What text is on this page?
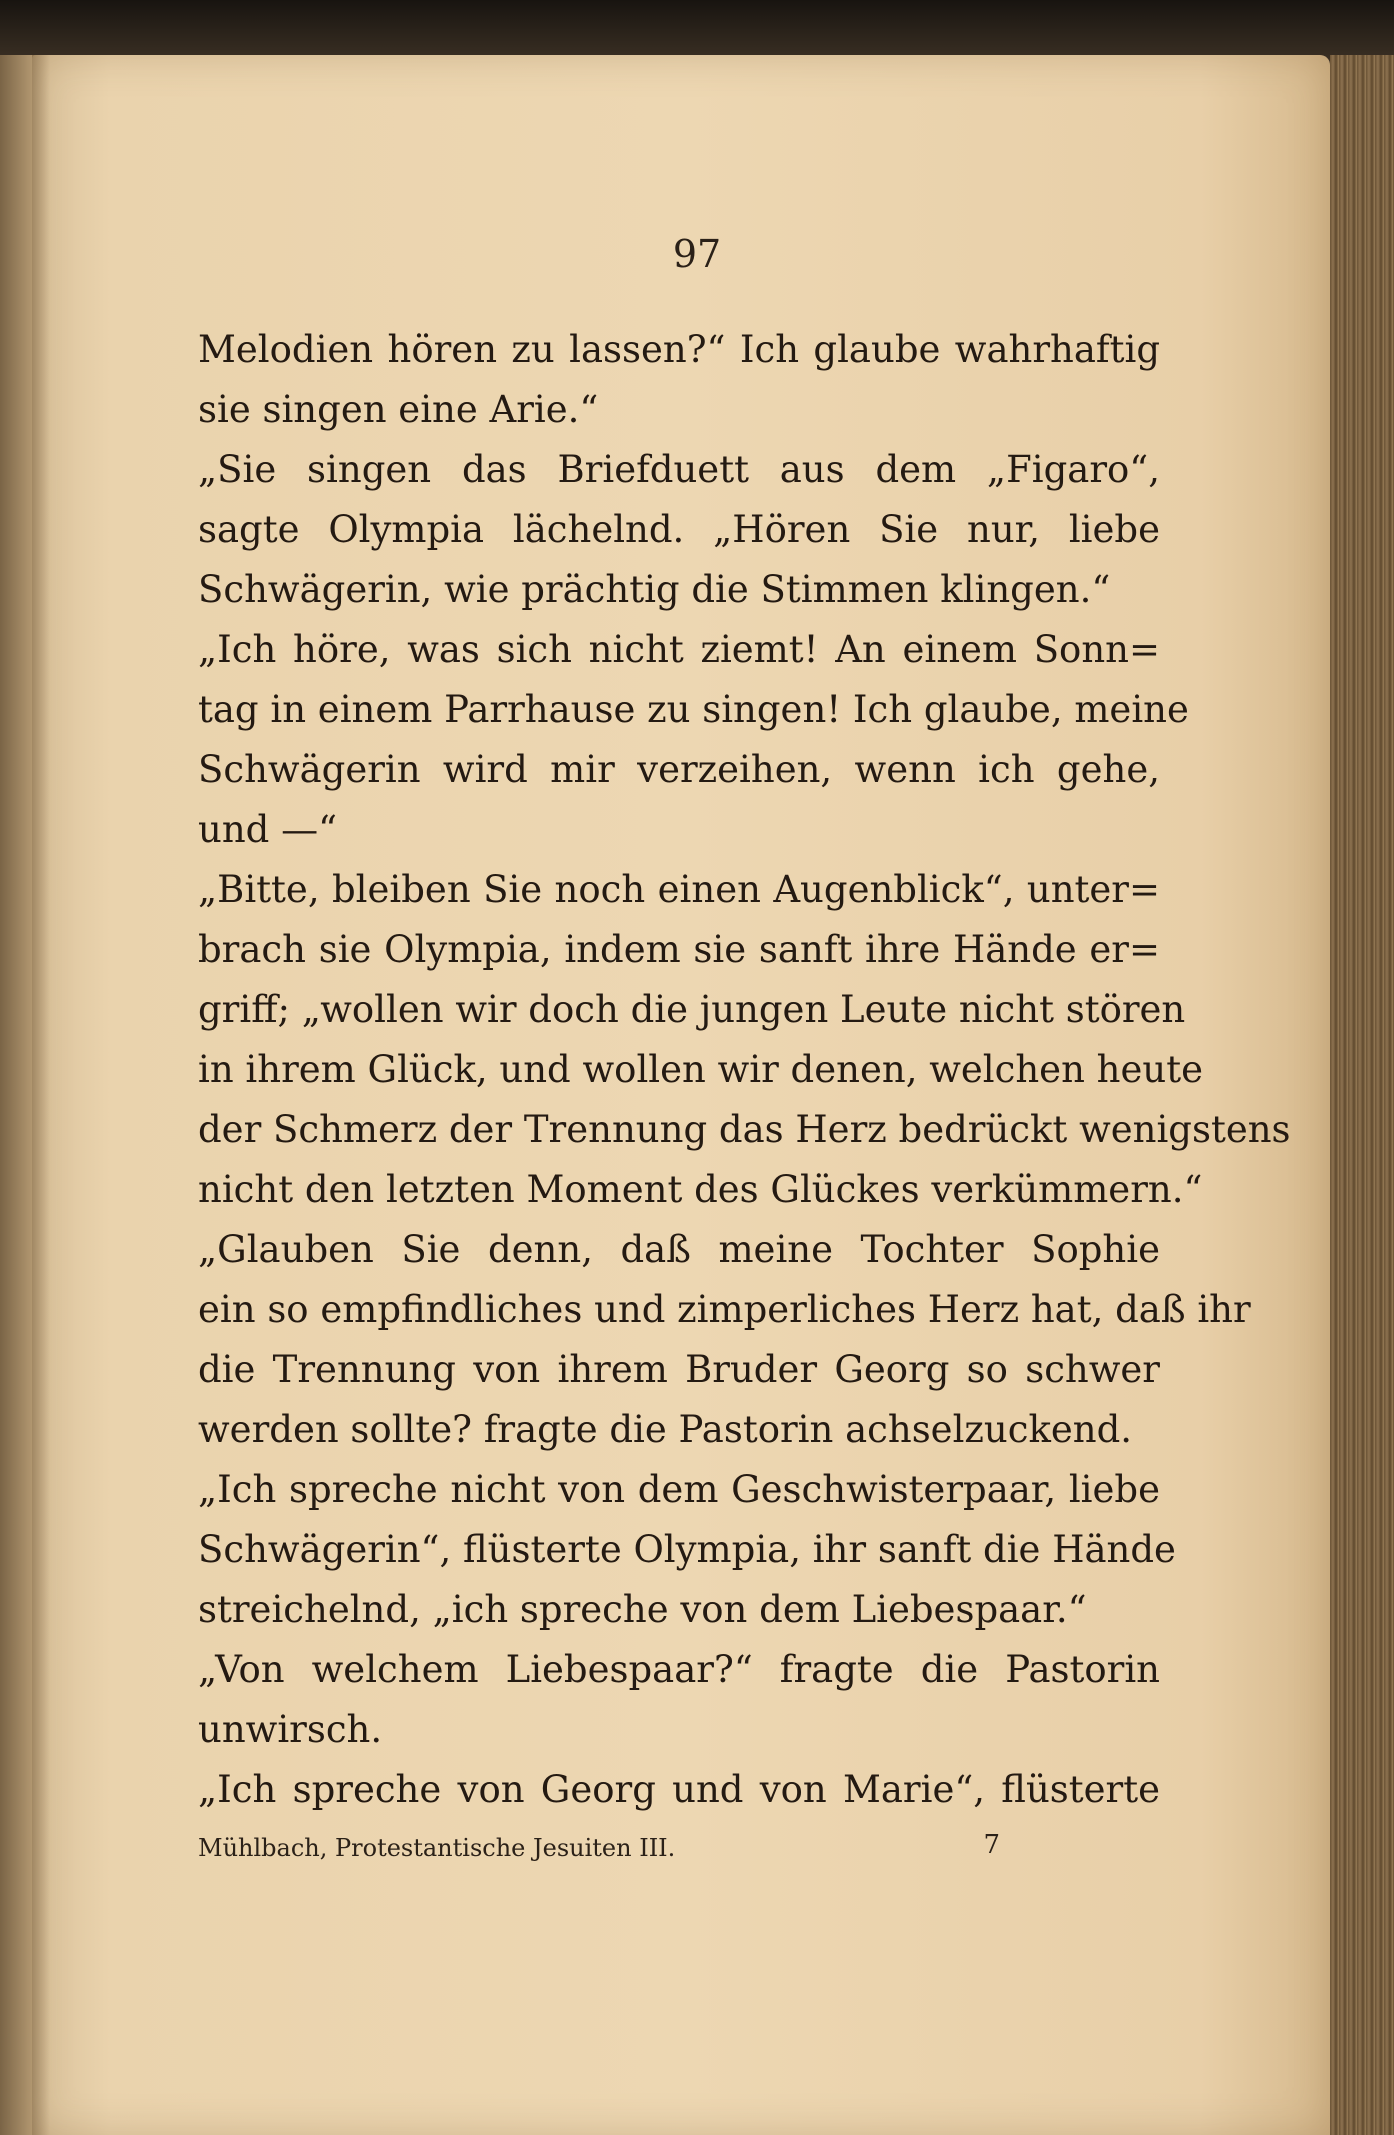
97
Melodien hören zu lassen?“ Ich glaube wahrhaftig
sie singen eine Arie.“
„Sie singen das Briefduett aus dem „Figaro“,
sagte Olympia lächelnd. „Hören Sie nur, liebe
Schwägerin, wie prächtig die Stimmen klingen.“
„Ich höre, was sich nicht ziemt! An einem Sonn=
tag in einem Parrhause zu singen! Ich glaube, meine
Schwägerin wird mir verzeihen, wenn ich gehe,
und —“
„Bitte, bleiben Sie noch einen Augenblick“, unter=
brach sie Olympia, indem sie sanft ihre Hände er=
griff; „wollen wir doch die jungen Leute nicht stören
in ihrem Glück, und wollen wir denen, welchen heute
der Schmerz der Trennung das Herz bedrückt wenigstens
nicht den letzten Moment des Glückes verkümmern.“
„Glauben Sie denn, daß meine Tochter Sophie
ein so empfindliches und zimperliches Herz hat, daß ihr
die Trennung von ihrem Bruder Georg so schwer
werden sollte? fragte die Pastorin achselzuckend.
„Ich spreche nicht von dem Geschwisterpaar, liebe
Schwägerin“, flüsterte Olympia, ihr sanft die Hände
streichelnd, „ich spreche von dem Liebespaar.“
„Von welchem Liebespaar?“ fragte die Pastorin
unwirsch.
„Ich spreche von Georg und von Marie“, flüsterte
Mühlbach, Protestantische Jesuiten III.	7
